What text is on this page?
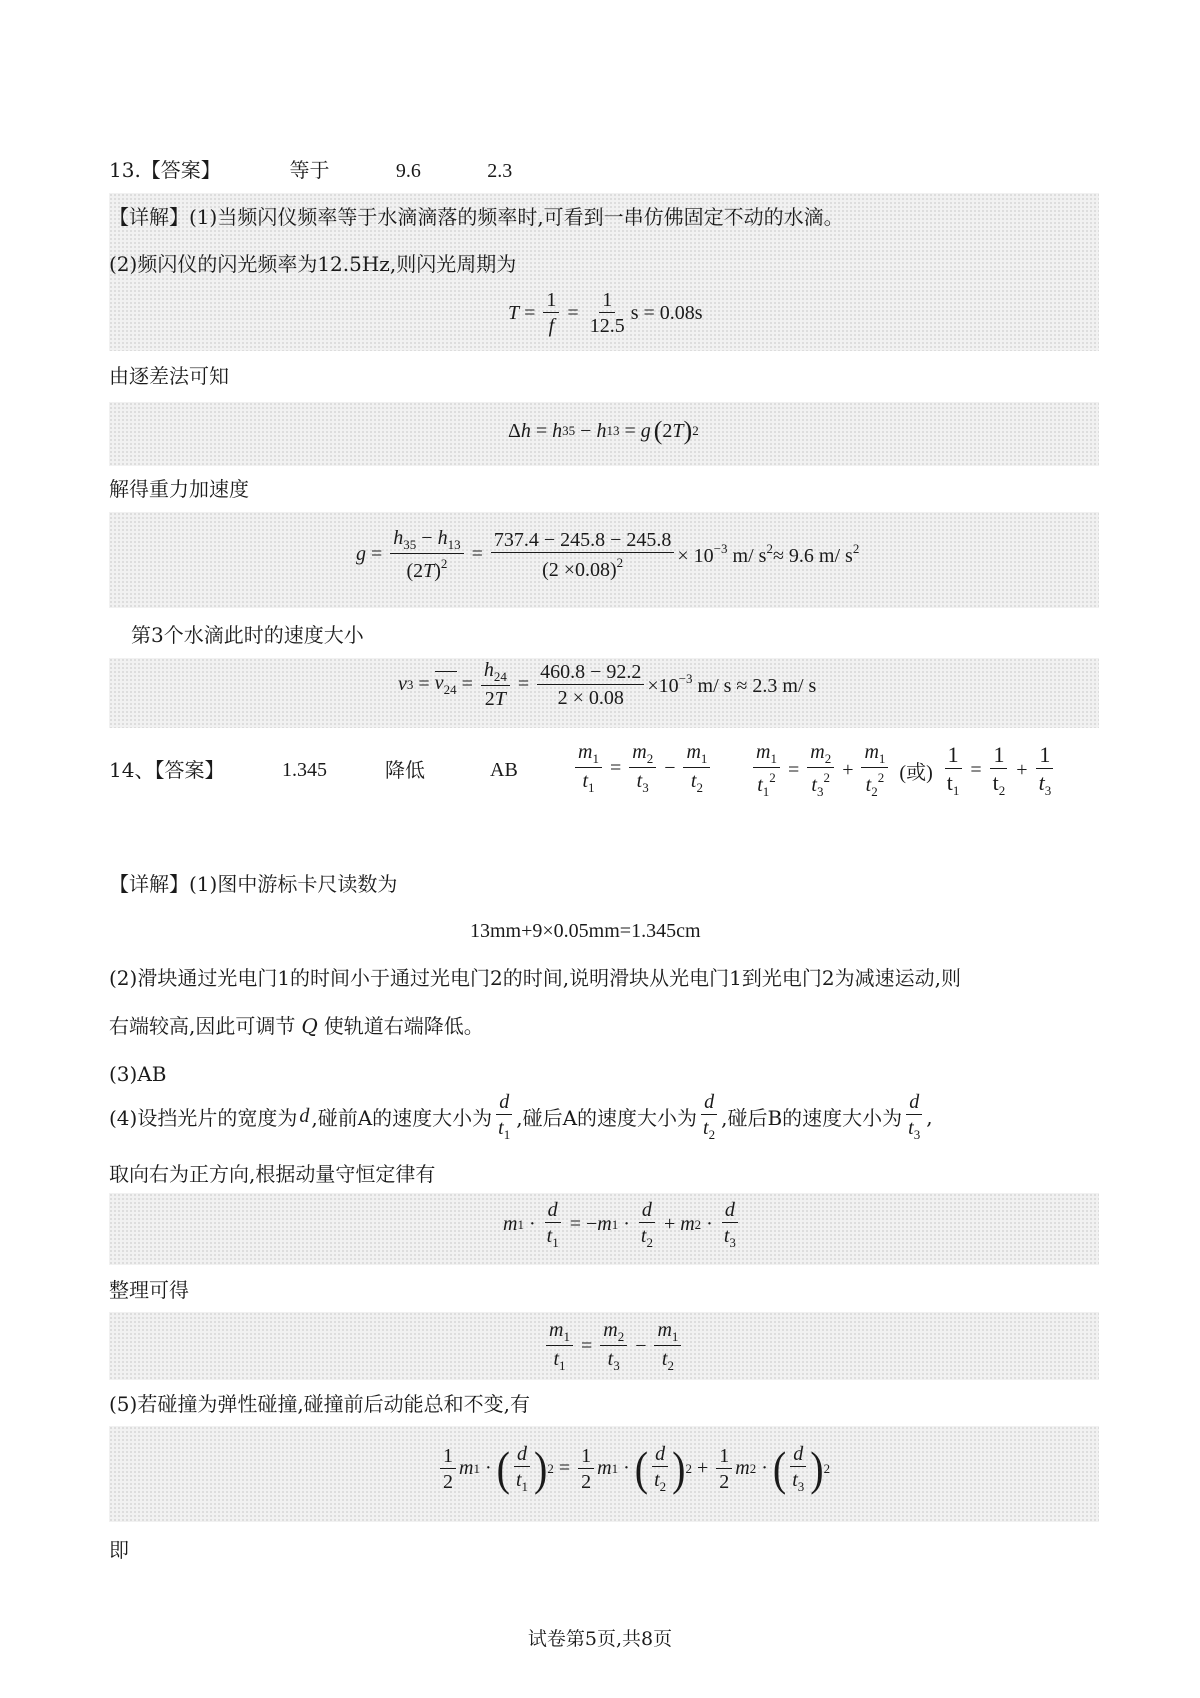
13.【答案】	等于	9.6	2.3
【详解】(1)当频闪仪频率等于水滴滴落的频率时,可看到一串仿佛固定不动的水滴。
(2)频闪仪的闪光频率为12.5Hz,则闪光周期为
$T = \frac{1}{f} = \frac{1}{12.5}$ s = 0.08s
由逐差法可知
Δ h = h 35 − h 13 = g ( 2 T ) 2
解得重力加速度
$g = \frac{h_{35} - h_{13}}{(2T)^2} = \frac{737.4 - 245.8 - 245.8}{(2 \times 0.08)^2} \times 10^{-3}$ m/ $s^2\approx 9.6$ m/ $s^2$
第3个水滴此时的速度大小
v $3 = v_{24} = \frac{h_{24}}{2T} = \frac{460.8 - 92.2}{2 \times 0.08} \times 10^{-3}$ m/ s ≈ 2.3 m/ s
14、【答案】	1.345	降低	AB	$\frac{m_1}{t_1} = \frac{m_2}{t_3} - \frac{m_1}{t_2} \frac{m_1}{t_1^2} = \frac{m_2}{t_3^2} + \frac{m_1}{t_2^2}$ (或) $\frac{1}{t_1} = \frac{1}{t_2} + \frac{1}{t_3}$
【详解】(1)图中游标卡尺读数为
13mm+9×0.05mm=1.345cm
(2)滑块通过光电门1的时间小于通过光电门2的时间,说明滑块从光电门1到光电门2为减速运动,则
右端较高,因此可调节 Q 使轨道右端降低。
(3)AB
(4)设挡光片的宽度为 d ,碰前A的速度大小为 $\frac{d}{t_1}$ ,碰后A的速度大小为 $\frac{d}{t_2}$ ,碰后B的速度大小为 $\frac{d}{t_3}$ ,
取向右为正方向,根据动量守恒定律有
m $1 \cdot \frac{d}{t_1}$ = − m $1 \cdot \frac{d}{t_2} + m$ $2 \cdot \frac{d}{t_3}$
整理可得
$\frac{m_1}{t_1} = \frac{m_2}{t_3} - \frac{m_1}{t_2}$
(5)若碰撞为弹性碰撞,碰撞前后动能总和不变,有
$\frac{1}{2}$ m 1 · ( $\frac{d}{t_1}$ ) $2 = \frac{1}{2}$ m 1 · ( $\frac{d}{t_2}$ ) $2 + \frac{1}{2}$ m 2 · ( $\frac{d}{t_3}$ ) 2
即
试卷第5页,共8页
